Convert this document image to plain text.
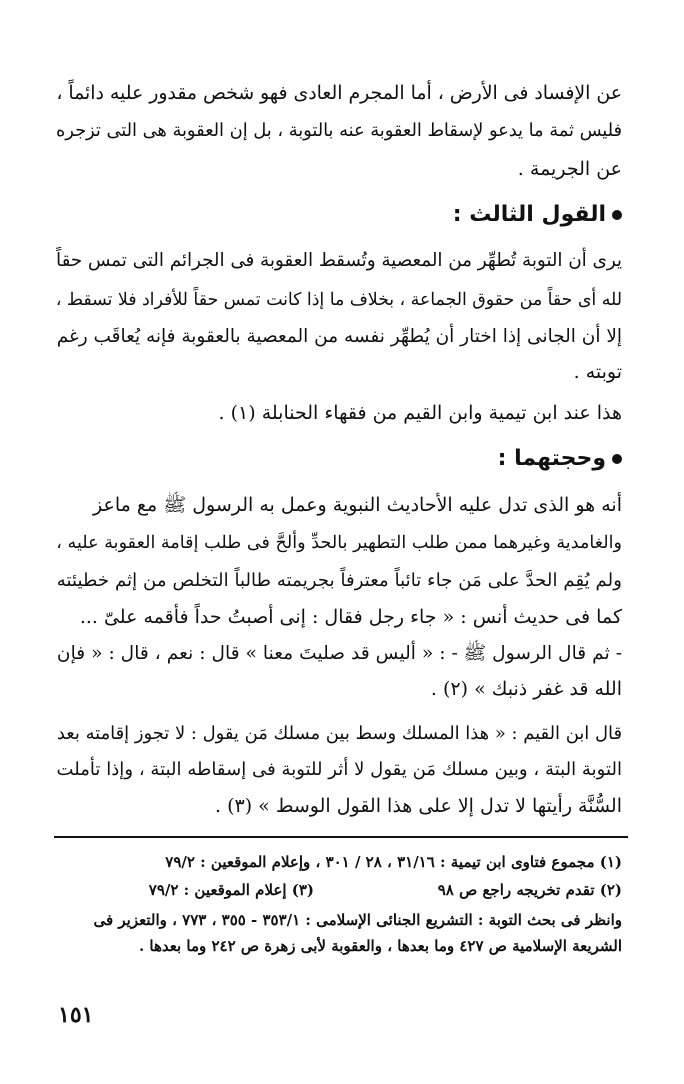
عن الإفساد فى الأرض ، أما المجرم العادى فهو شخص مقدور عليه دائماً ،
فليس ثمة ما يدعو لإسقاط العقوبة عنه بالتوبة ، بل إن العقوبة هى التى تزجره
عن الجريمة .
القول الثالث :
يرى أن التوبة تُطهِّر من المعصية وتُسقط العقوبة فى الجرائم التى تمس حقاً
لله أى حقاً من حقوق الجماعة ، بخلاف ما إذا كانت تمس حقاً للأفراد فلا تسقط ،
إلا أن الجانى إذا اختار أن يُطهِّر نفسه من المعصية بالعقوبة فإنه يُعاقَب رغم
توبته .
هذا عند ابن تيمية وابن القيم من فقهاء الحنابلة (١) .
وحجتهما :
أنه هو الذى تدل عليه الأحاديث النبوية وعمل به الرسول ﷺ مع ماعز
والغامدية وغيرهما ممن طلب التطهير بالحدِّ وألحَّ فى طلب إقامة العقوبة عليه ،
ولم يُقِم الحدَّ على مَن جاء تائباً معترفاً بجريمته طالباً التخلص من إثم خطيئته
كما فى حديث أنس : « جاء رجل فقال : إنى أصبتُ حداً فأقمه علىّ ...
- ثم قال الرسول ﷺ - : « أليس قد صليتَ معنا » قال : نعم ، قال : « فإن
الله قد غفر ذنبك » (٢) .
قال ابن القيم : « هذا المسلك وسط بين مسلك مَن يقول : لا تجوز إقامته بعد
التوبة البتة ، وبين مسلك مَن يقول لا أثر للتوبة فى إسقاطه البتة ، وإذا تأملت
السُّنَّة رأيتها لا تدل إلا على هذا القول الوسط » (٣) .
(١) مجموع فتاوى ابن تيمية : ٣١/١٦ ، ٢٨ / ٣٠١ ، وإعلام الموقعين : ٧٩/٢
(٢) تقدم تخريجه راجع ص ٩٨
(٣) إعلام الموقعين : ٧٩/٢
وانظر فى بحث التوبة : التشريع الجنائى الإسلامى : ٣٥٣/١ - ٣٥٥ ، ٧٧٣ ، والتعزير فى
الشريعة الإسلامية ص ٤٢٧ وما بعدها ، والعقوبة لأبى زهرة ص ٢٤٢ وما بعدها .
١٥١
